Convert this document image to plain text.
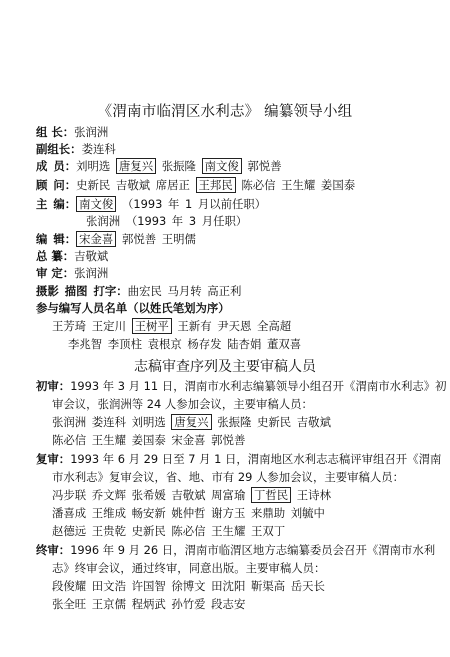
《渭南市临渭区水利志》 编纂领导小组
组 长：张润洲
副组长：娄连科
成 员：刘明选 唐复兴 张振隆 南文俊 郭悦善
顾 问：史新民 吉敬斌 席居正 王邦民 陈必信 王生耀 姜国泰
主 编： 南文俊 （1993 年 1 月以前任职）
张润洲 （1993 年 3 月任职）
编 辑： 宋金喜 郭悦善 王明儒
总 纂：吉敬斌
审 定：张润洲
摄影 描图 打字：曲宏民 马月转 高正利
参与编写人员名单（以姓氏笔划为序）
王芳琦 王定川 王树平 王新有 尹天恩 全高超
李兆智 李顶柱 袁根京 杨存发 陆杏娟 董双喜
志稿审查序列及主要审稿人员
初审：1993 年 3 月 11 日，渭南市水利志编纂领导小组召开《渭南市水利志》初
审会议，张润洲等 24 人参加会议，主要审稿人员：
张润洲 娄连科 刘明选 唐复兴 张振隆 史新民 吉敬斌
陈必信 王生耀 姜国泰 宋金喜 郭悦善
复审：1993 年 6 月 29 日至 7 月 1 日，渭南地区水利志志稿评审组召开《渭南
市水利志》复审会议，省、地、市有 29 人参加会议，主要审稿人员：
冯步联 乔文辉 张希媛 吉敬斌 周富瑜 丁哲民 王诗林
潘喜成 王维成 畅安新 姚仲哲 谢方玉 来鼎助 刘毓中
赵德远 王贵乾 史新民 陈必信 王生耀 王双丁
终审：1996 年 9 月 26 日，渭南市临渭区地方志编纂委员会召开《渭南市水利
志》终审会议，通过终审，同意出版。主要审稿人员：
段俊耀 田文浩 许国智 徐博文 田沈阳 靳渠高 岳天长
张全旺 王京儒 程炳武 孙竹爱 段志安
